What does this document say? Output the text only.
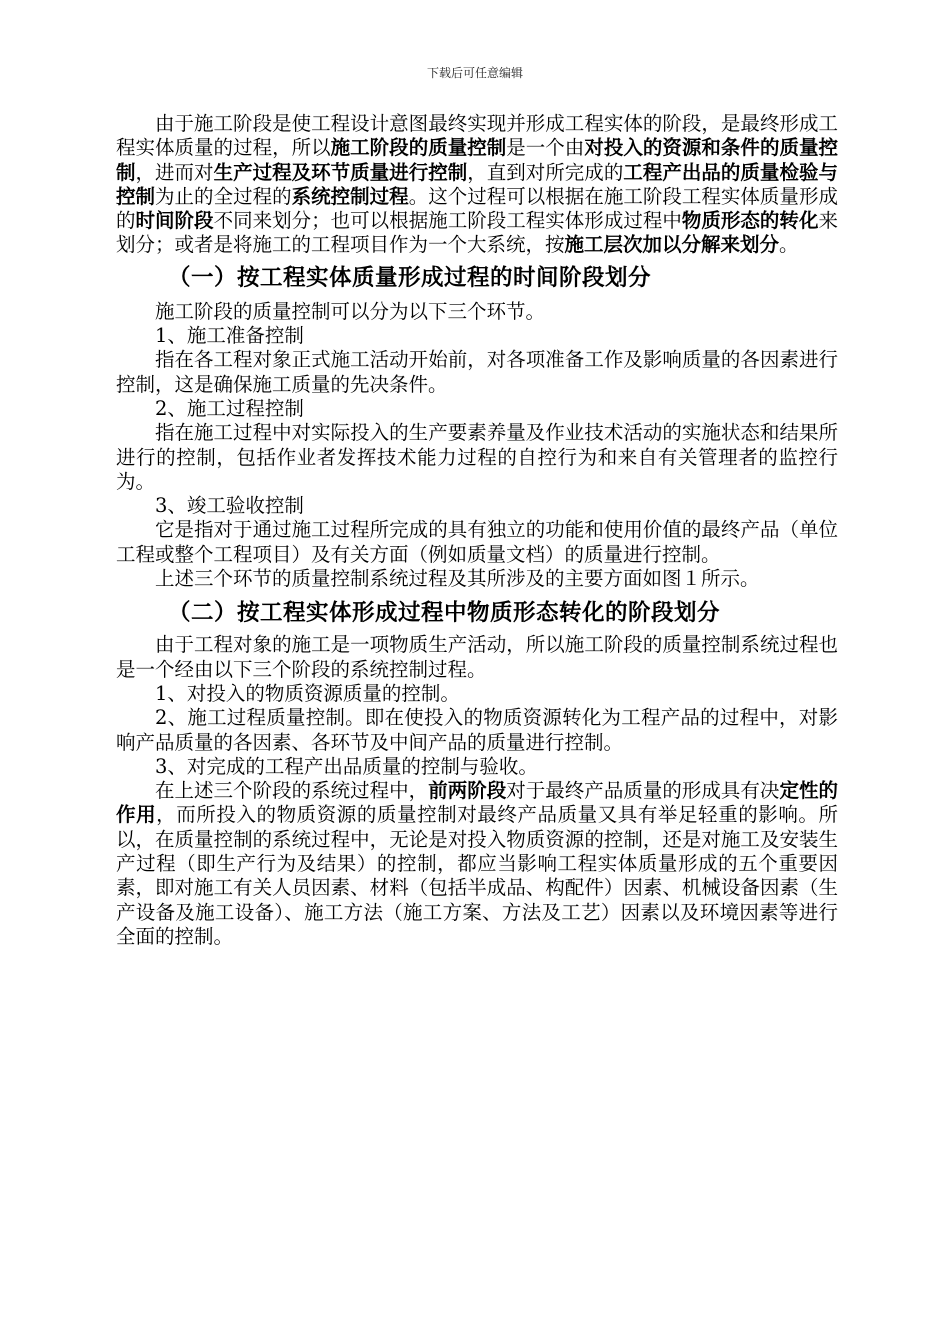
下载后可任意编辑

由于施工阶段是使工程设计意图最终实现并形成工程实体的阶段，是最终形成工程实体质量的过程，所以施工阶段的质量控制是一个由对投入的资源和条件的质量控制，进而对生产过程及环节质量进行控制，直到对所完成的工程产出品的质量检验与控制为止的全过程的系统控制过程。这个过程可以根据在施工阶段工程实体质量形成的时间阶段不同来划分；也可以根据施工阶段工程实体形成过程中物质形态的转化来划分；或者是将施工的工程项目作为一个大系统，按施工层次加以分解来划分。

（一）按工程实体质量形成过程的时间阶段划分

施工阶段的质量控制可以分为以下三个环节。

1、施工准备控制

指在各工程对象正式施工活动开始前，对各项准备工作及影响质量的各因素进行控制，这是确保施工质量的先决条件。

2、施工过程控制

指在施工过程中对实际投入的生产要素养量及作业技术活动的实施状态和结果所进行的控制，包括作业者发挥技术能力过程的自控行为和来自有关管理者的监控行为。

3、竣工验收控制

它是指对于通过施工过程所完成的具有独立的功能和使用价值的最终产品（单位工程或整个工程项目）及有关方面（例如质量文档）的质量进行控制。

上述三个环节的质量控制系统过程及其所涉及的主要方面如图１所示。

（二）按工程实体形成过程中物质形态转化的阶段划分

由于工程对象的施工是一项物质生产活动，所以施工阶段的质量控制系统过程也是一个经由以下三个阶段的系统控制过程。

1、对投入的物质资源质量的控制。

2、施工过程质量控制。即在使投入的物质资源转化为工程产品的过程中，对影响产品质量的各因素、各环节及中间产品的质量进行控制。

3、对完成的工程产出品质量的控制与验收。

在上述三个阶段的系统过程中，前两阶段对于最终产品质量的形成具有决定性的作用，而所投入的物质资源的质量控制对最终产品质量又具有举足轻重的影响。所以，在质量控制的系统过程中，无论是对投入物质资源的控制，还是对施工及安装生产过程（即生产行为及结果）的控制，都应当影响工程实体质量形成的五个重要因素，即对施工有关人员因素、材料（包括半成品、构配件）因素、机械设备因素（生产设备及施工设备）、施工方法（施工方案、方法及工艺）因素以及环境因素等进行全面的控制。
